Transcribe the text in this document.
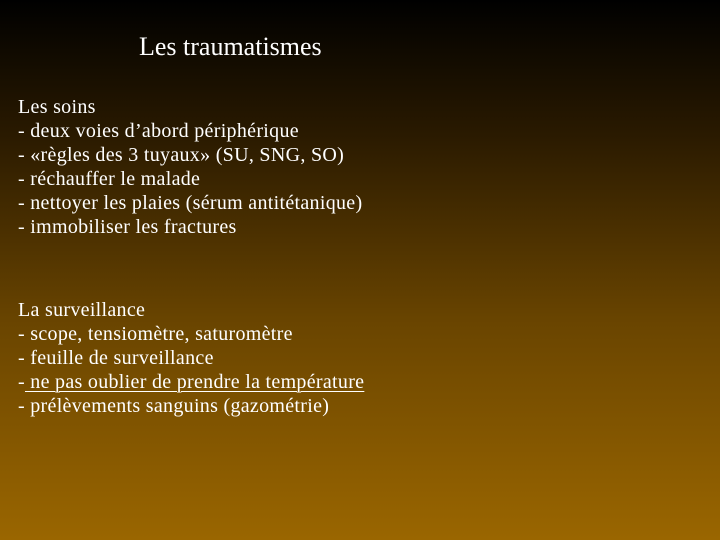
Les traumatismes
Les soins
- deux voies d’abord périphérique
- «règles des 3 tuyaux» (SU, SNG, SO)
- réchauffer le malade
- nettoyer les plaies (sérum antitétanique)
- immobiliser les fractures
La surveillance
- scope, tensiomètre, saturomètre
- feuille de surveillance
- ne pas oublier de prendre la température
- prélèvements sanguins (gazométrie)
